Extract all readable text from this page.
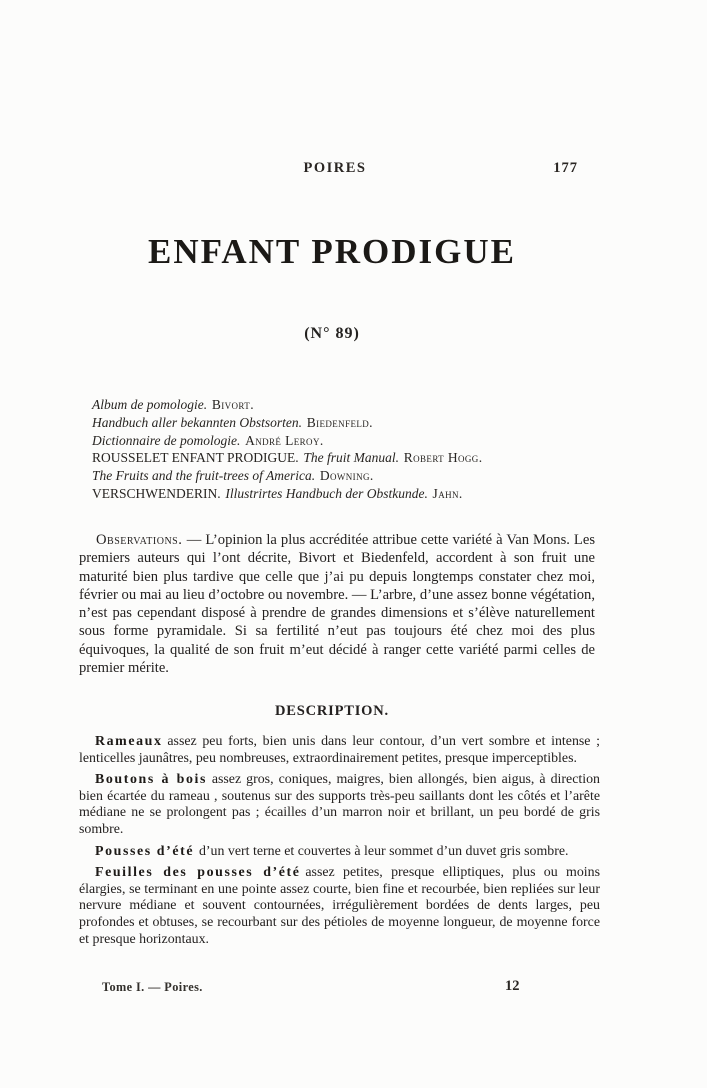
POIRES	177
ENFANT PRODIGUE
(N° 89)
Album de pomologie. Bivort.
Handbuch aller bekannten Obstsorten. Biedenfeld.
Dictionnaire de pomologie. André Leroy.
ROUSSELET ENFANT PRODIGUE. The fruit Manual. Robert Hogg.
The Fruits and the fruit-trees of America. Downing.
VERSCHWENDERIN. Illustrirtes Handbuch der Obstkunde. Jahn.

Observations. — L’opinion la plus accréditée attribue cette variété à Van Mons. Les premiers auteurs qui l’ont décrite, Bivort et Biedenfeld, accordent à son fruit une maturité bien plus tardive que celle que j’ai pu depuis longtemps constater chez moi, février ou mai au lieu d’octobre ou novembre. — L’arbre, d’une assez bonne végétation, n’est pas cependant disposé à prendre de grandes dimensions et s’élève naturellement sous forme pyramidale. Si sa fertilité n’eut pas toujours été chez moi des plus équivoques, la qualité de son fruit m’eut décidé à ranger cette variété parmi celles de premier mérite.

DESCRIPTION.

Rameaux assez peu forts, bien unis dans leur contour, d’un vert sombre et intense ; lenticelles jaunâtres, peu nombreuses, extraordinairement petites, presque imperceptibles.

Boutons à bois assez gros, coniques, maigres, bien allongés, bien aigus, à direction bien écartée du rameau , soutenus sur des supports très-peu saillants dont les côtés et l’arête médiane ne se prolongent pas ; écailles d’un marron noir et brillant, un peu bordé de gris sombre.

Pousses d’été d’un vert terne et couvertes à leur sommet d’un duvet gris sombre.

Feuilles des pousses d’été assez petites, presque elliptiques, plus ou moins élargies, se terminant en une pointe assez courte, bien fine et recourbée, bien repliées sur leur nervure médiane et souvent contournées, irrégulièrement bordées de dents larges, peu profondes et obtuses, se recourbant sur des pétioles de moyenne longueur, de moyenne force et presque horizontaux.

Tome I. — Poires.	12
